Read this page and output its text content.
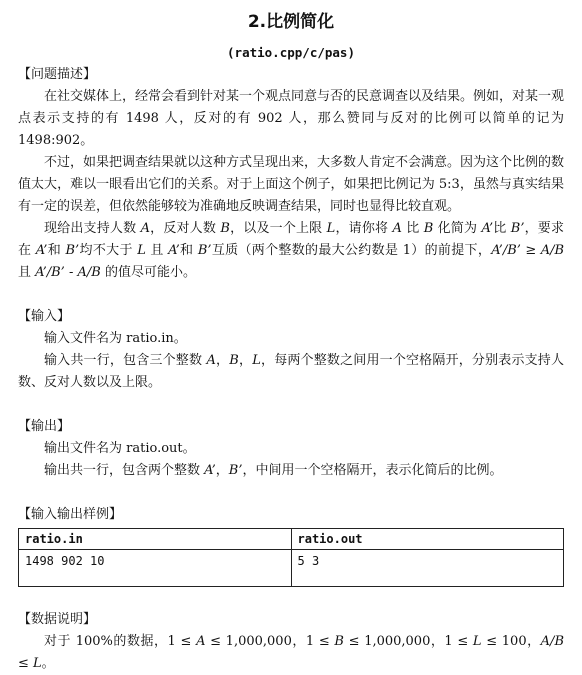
2.比例简化
(ratio.cpp/c/pas)
【问题描述】

在社交媒体上，经常会看到针对某一个观点同意与否的民意调查以及结果。例如，对某一观点表示支持的有 1498 人，反对的有 902 人，那么赞同与反对的比例可以简单的记为1498:902。

不过，如果把调查结果就以这种方式呈现出来，大多数人肯定不会满意。因为这个比例的数值太大，难以一眼看出它们的关系。对于上面这个例子，如果把比例记为 5:3，虽然与真实结果有一定的误差，但依然能够较为准确地反映调查结果，同时也显得比较直观。

现给出支持人数 A，反对人数 B，以及一个上限 L，请你将 A 比 B 化简为 A’比 B’，要求在 A’和 B’均不大于 L 且 A’和 B’互质（两个整数的最大公约数是 1）的前提下，A’/B’ ≥ A/B 且 A’/B’ - A/B 的值尽可能小。

【输入】

输入文件名为 ratio.in。

输入共一行，包含三个整数 A，B，L，每两个整数之间用一个空格隔开，分别表示支持人数、反对人数以及上限。

【输出】

输出文件名为 ratio.out。

输出共一行，包含两个整数 A’，B’，中间用一个空格隔开，表示化简后的比例。

【输入输出样例】
ratio.in	ratio.out
1498 902 10	5 3
【数据说明】

对于 100%的数据，1 ≤ A ≤ 1,000,000，1 ≤ B ≤ 1,000,000，1 ≤ L ≤ 100，A/B ≤ L。
